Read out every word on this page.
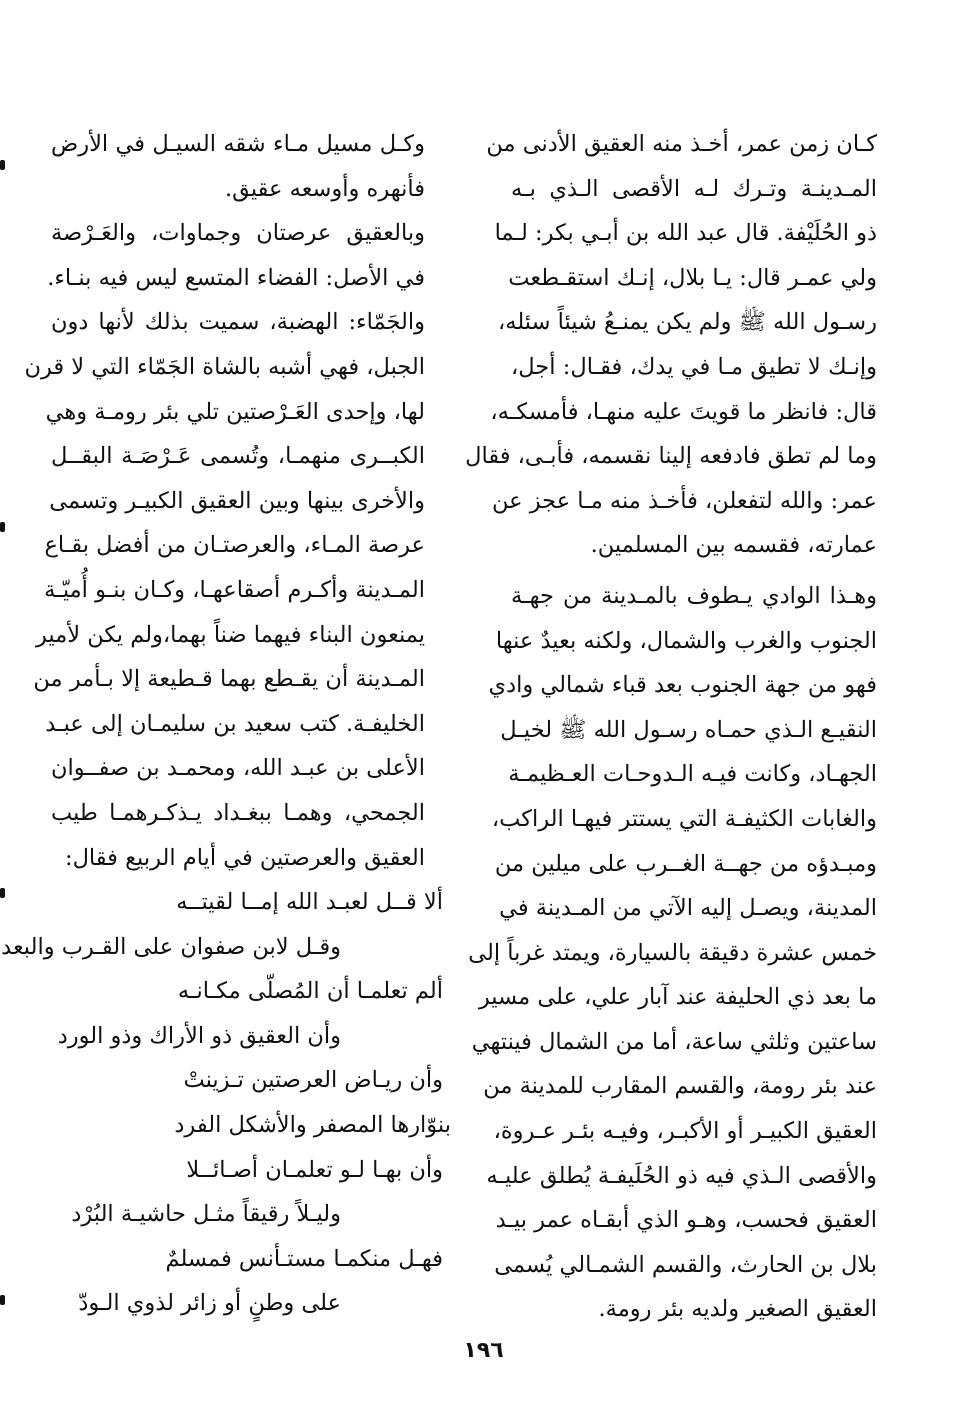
كـان زمن عمر، أخـذ منه العقيق الأدنى من
المـدينـة وتـرك لـه الأقصى الـذي بـه
ذو الحُلَيْفة. قال عبد الله بن أبـي بكر: لـما
ولي عمـر قال: يـا بلال، إنـك استقـطعت
رسـول الله ﷺ ولم يكن يمنـعُ شيئاً سئله،
وإنـك لا تطيق مـا في يدك، فقـال: أجل،
قال: فانظر ما قويتَ عليه منهـا، فأمسكـه،
وما لم تطق فادفعه إلينا نقسمه، فأبـى، فقال
عمر: والله لتفعلن، فأخـذ منه مـا عجز عن
عمارته، فقسمه بين المسلمين.

وهـذا الوادي يـطوف بالمـدينة من جهـة
الجنوب والغرب والشمال، ولكنه بعيدٌ عنها
فهو من جهة الجنوب بعد قباء شمالي وادي
النقيـع الـذي حمـاه رسـول الله ﷺ لخيـل
الجهـاد، وكانت فيـه الـدوحـات العـظيمـة
والغابات الكثيفـة التي يستتر فيهـا الراكب،
ومبـدؤه من جهــة الغــرب على ميلين من
المدينة، ويصـل إليه الآتي من المـدينة في
خمس عشرة دقيقة بالسيارة، ويمتد غرباً إلى
ما بعد ذي الحليفة عند آبار علي، على مسير
ساعتين وثلثي ساعة، أما من الشمال فينتهي
عند بئر رومة، والقسم المقارب للمدينة من
العقيق الكبيـر أو الأكبـر، وفيـه بئـر عـروة،
والأقصى الـذي فيه ذو الحُلَيفـة يُطلق عليـه
العقيق فحسب، وهـو الذي أبقـاه عمر بيـد
بلال بن الحارث، والقسم الشمـالي يُسمى
العقيق الصغير ولديه بئر رومة.

وكـل مسيل مـاء شقه السيـل في الأرض
فأنهره وأوسعه عقيق.

وبالعقيق عرصتان وجماوات، والعَـرْصة
في الأصل: الفضاء المتسع ليس فيه بنـاء.
والجَمّاء: الهضبة، سميت بذلك لأنها دون
الجبل، فهي أشبه بالشاة الجَمّاء التي لا قرن
لها، وإحدى العَـرْصتين تلي بئر رومـة وهي
الكبــرى منهمـا، وتُسمى عَـرْصَـة البقــل
والأخرى بينها وبين العقيق الكبيـر وتسمى
عرصة المـاء، والعرصتـان من أفضل بقـاع
المـدينة وأكـرم أصقاعهـا، وكـان بنـو أُميّـة
يمنعون البناء فيهما ضناً بهما،ولم يكن لأمير
المـدينة أن يقـطع بهما قـطيعة إلا بـأمر من
الخليفـة. كتب سعيد بن سليمـان إلى عبـد
الأعلى بن عبـد الله، ومحمـد بن صفــوان
الجمحي، وهمـا ببغـداد يـذكـرهمـا طيب
العقيق والعرصتين في أيام الربيع فقال:

ألا قــل لعبـد الله إمــا لقيتــه
وقـل لابن صفوان على القـرب والبعد
ألم تعلمـا أن المُصلّى مكـانـه
وأن العقيق ذو الأراك وذو الورد
وأن ريـاض العرصتين تـزينتْ
بنوّارها المصفر والأشكل الفرد
وأن بهـا لـو تعلمـان أصـائــلا
وليـلاً رقيقاً مثـل حاشيـة البُرْد
فهـل منكمـا مستـأنس فمسلمٌ
على وطنٍ أو زائر لذوي الـودّ
١٩٦
